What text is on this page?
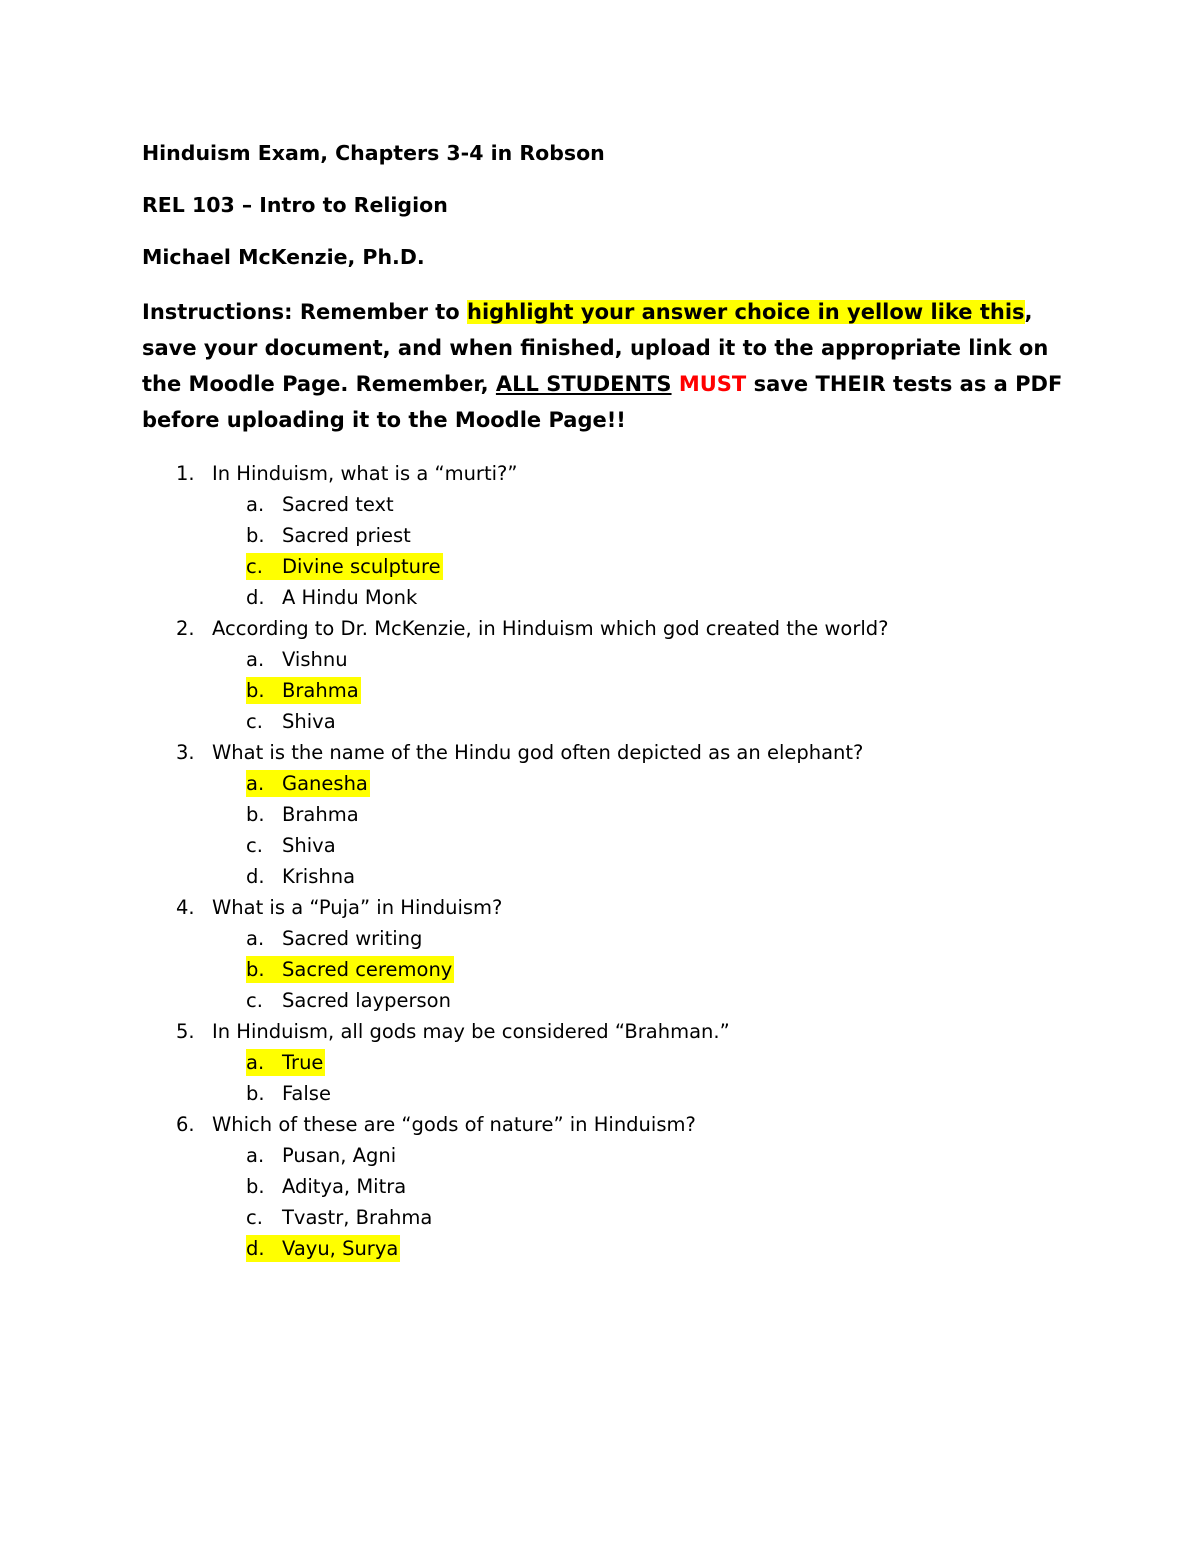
Hinduism Exam, Chapters 3-4 in Robson
REL 103 – Intro to Religion
Michael McKenzie, Ph.D.
Instructions: Remember to highlight your answer choice in yellow like this, save your document, and when finished, upload it to the appropriate link on the Moodle Page. Remember, ALL STUDENTS MUST save THEIR tests as a PDF before uploading it to the Moodle Page!!
1. In Hinduism, what is a “murti?”
a. Sacred text
b. Sacred priest
c. Divine sculpture
d. A Hindu Monk
2. According to Dr. McKenzie, in Hinduism which god created the world?
a. Vishnu
b. Brahma
c. Shiva
3. What is the name of the Hindu god often depicted as an elephant?
a. Ganesha
b. Brahma
c. Shiva
d. Krishna
4. What is a “Puja” in Hinduism?
a. Sacred writing
b. Sacred ceremony
c. Sacred layperson
5. In Hinduism, all gods may be considered “Brahman.”
a. True
b. False
6. Which of these are “gods of nature” in Hinduism?
a. Pusan, Agni
b. Aditya, Mitra
c. Tvastr, Brahma
d. Vayu, Surya
